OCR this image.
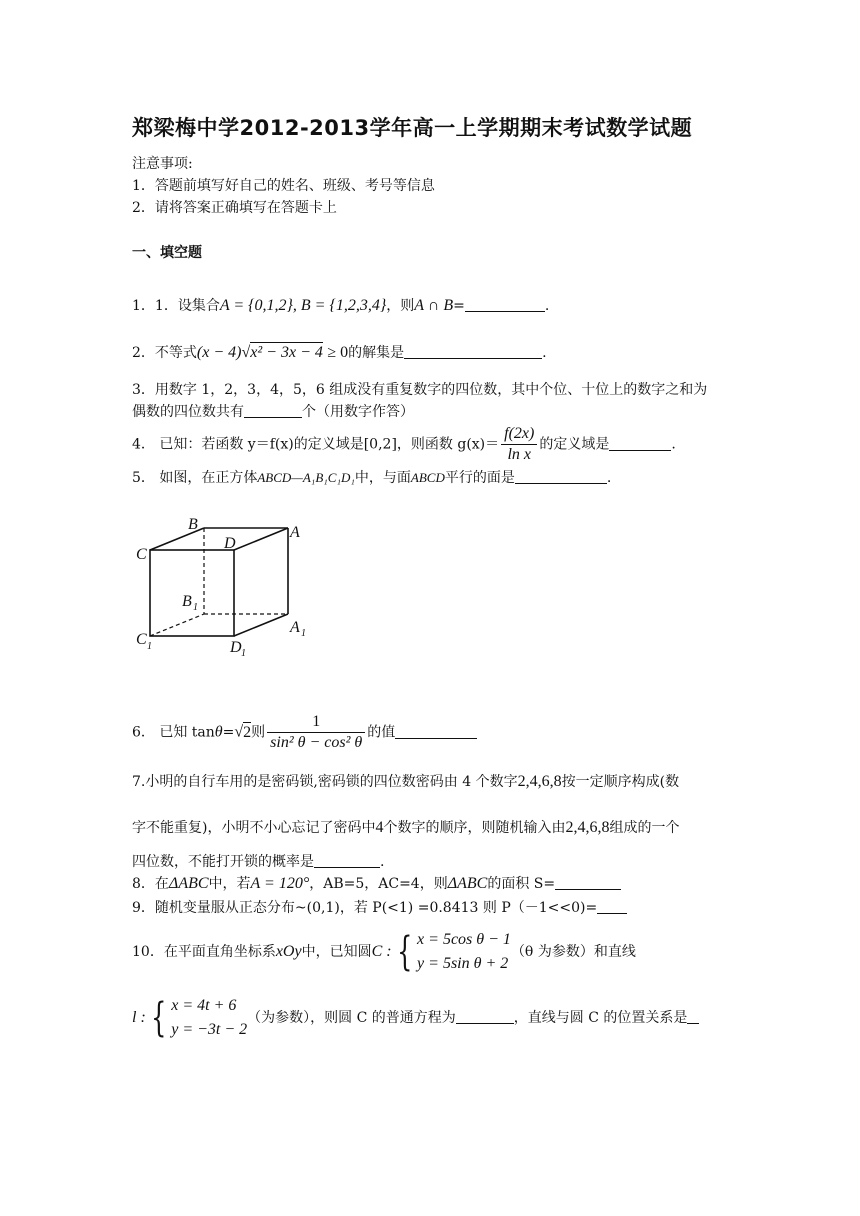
郑梁梅中学2012-2013学年高一上学期期末考试数学试题
注意事项:
1．答题前填写好自己的姓名、班级、考号等信息
2．请将答案正确填写在答题卡上
一、填空题
1．1．设集合A = {0,1,2}, B = {1,2,3,4}，则A ∩ B=	.
2．不等式(x − 4)√x² − 3x − 4 ≥ 0的解集是	.
3．用数字 1，2，3，4，5，6 组成没有重复数字的四位数，其中个位、十位上的数字之和为
偶数的四位数共有	个（用数字作答）
4． 已知：若函数 y＝f(x)的定义域是[0,2]，则函数 $g(x)= \frac{f(2x)}{\text{ln x}}$ 的定义域是	.
5． 如图，在正方体ABCD—A₁B₁C₁D₁中，与面ABCD平行的面是	.
B	A
C
D
B 1
A 1
C 1	D 1
6． 已知 tanθ=√2则 $\frac{1}{\text{sin² θ − cos² θ}}$ 的值
7.小明的自行车用的是密码锁,密码锁的四位数密码由 4 个数字2,4,6,8按一定顺序构成(数
字不能重复)，小明不小心忘记了密码中4个数字的顺序，则随机输入由2,4,6,8组成的一个
四位数，不能打开锁的概率是	.
8．在ΔABC中，若A = 120°，AB=5，AC=4，则ΔABC的面积 S=
9．随机变量服从正态分布~(0,1)，若 P(<1) =0.8413 则 P（－1<<0)=
10．在平面直角坐标系xOy中，已知圆C : { x = 5cos θ − 1
y = 5sin θ + 2
（θ 为参数）和直线
l : { x = 4t + 6
y = −3t − 2
（为参数），则圆 C 的普通方程为	，直线与圆 C 的位置关系是
